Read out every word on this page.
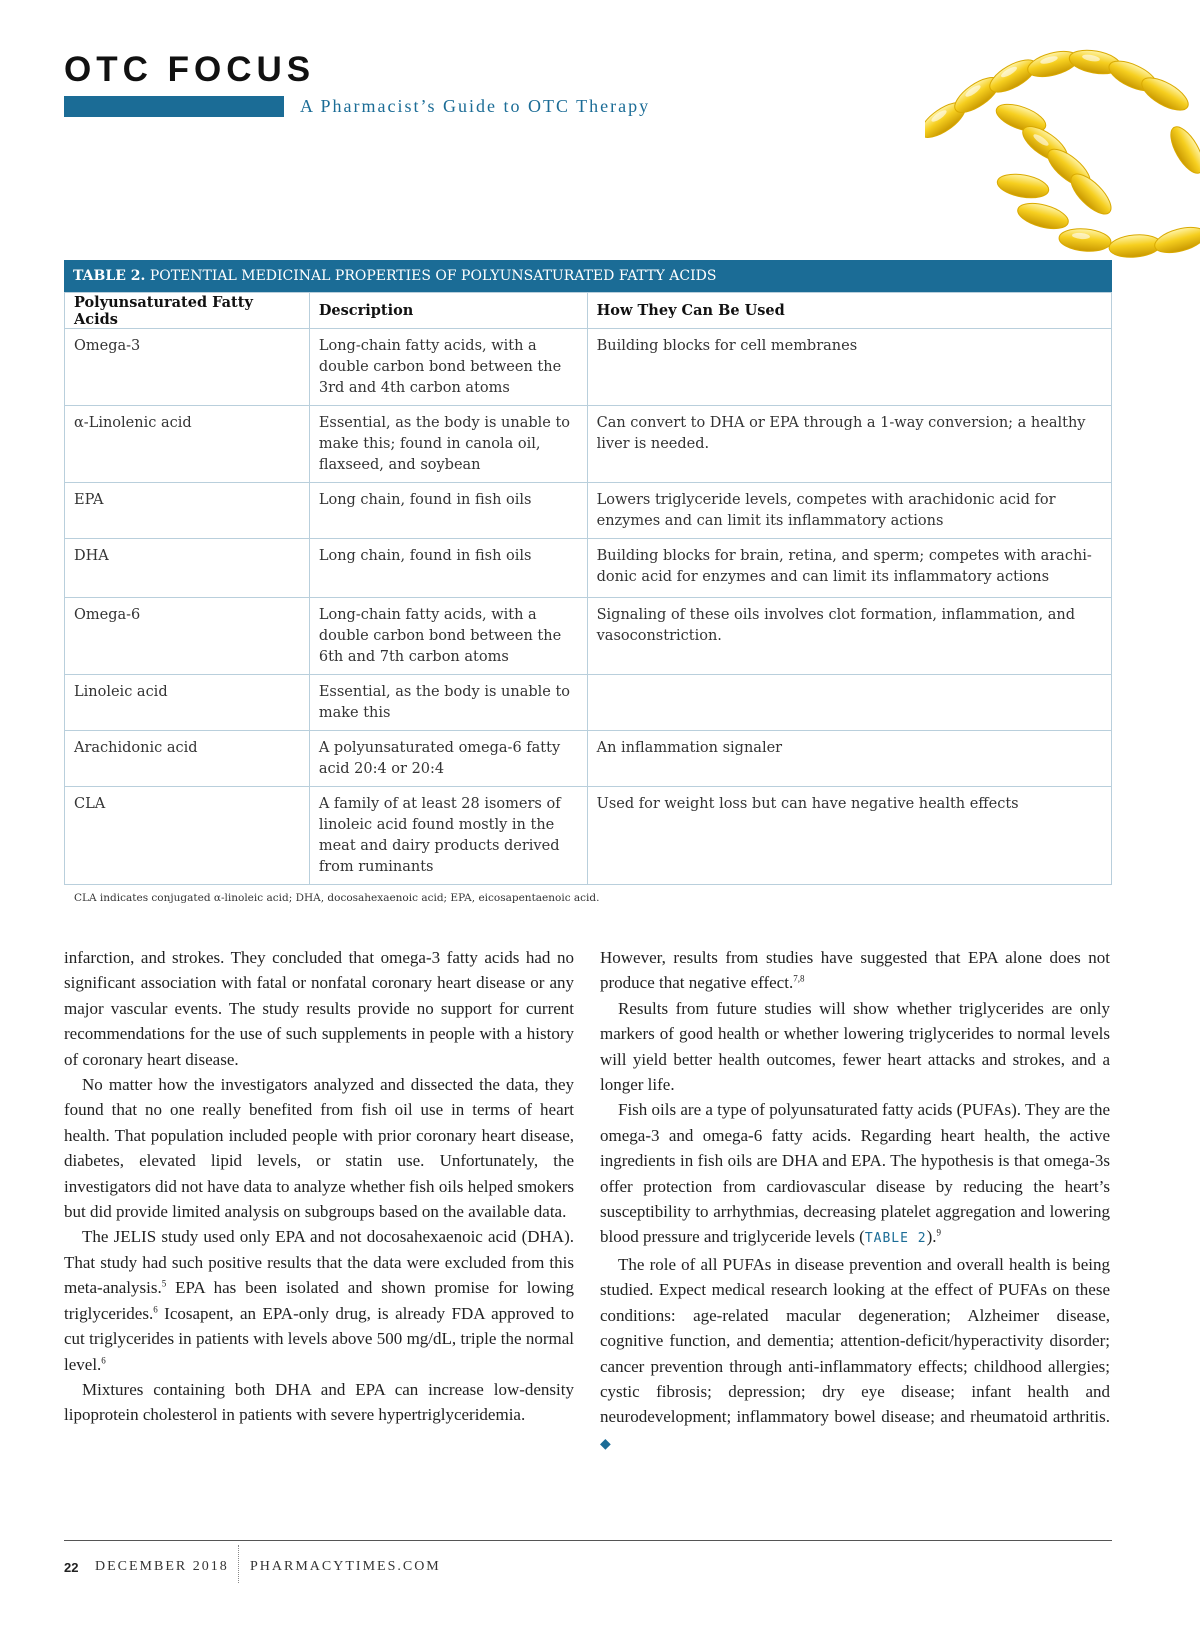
OTC FOCUS
A Pharmacist’s Guide to OTC Therapy
TABLE 2. POTENTIAL MEDICINAL PROPERTIES OF POLYUNSATURATED FATTY ACIDS
Polyunsaturated Fatty Acids	Description	How They Can Be Used
Omega-3	Long-chain fatty acids, with a double carbon bond between the 3rd and 4th carbon atoms	Building blocks for cell membranes
α-Linolenic acid	Essential, as the body is unable to make this; found in canola oil, flaxseed, and soybean	Can convert to DHA or EPA through a 1-way conversion; a healthy liver is needed.
EPA	Long chain, found in fish oils	Lowers triglyceride levels, competes with arachidonic acid for enzymes and can limit its inflammatory actions
DHA	Long chain, found in fish oils	Building blocks for brain, retina, and sperm; competes with arachi-donic acid for enzymes and can limit its inflammatory actions
Omega-6	Long-chain fatty acids, with a double carbon bond between the 6th and 7th carbon atoms	Signaling of these oils involves clot formation, inflammation, and vasoconstriction.
Linoleic acid	Essential, as the body is unable to make this	
Arachidonic acid	A polyunsaturated omega-6 fatty acid 20:4 or 20:4	An inflammation signaler
CLA	A family of at least 28 isomers of linoleic acid found mostly in the meat and dairy products derived from ruminants	Used for weight loss but can have negative health effects
CLA indicates conjugated α-linoleic acid; DHA, docosahexaenoic acid; EPA, eicosapentaenoic acid.

infarction, and strokes. They concluded that omega-3 fatty acids had no significant association with fatal or nonfatal coronary heart disease or any major vascular events. The study results provide no support for current recommendations for the use of such supplements in people with a history of coronary heart disease.

No matter how the investigators analyzed and dissected the data, they found that no one really benefited from fish oil use in terms of heart health. That population included people with prior coronary heart disease, diabetes, elevated lipid levels, or statin use. Unfortunately, the investigators did not have data to analyze whether fish oils helped smokers but did provide limited analysis on subgroups based on the available data.

The JELIS study used only EPA and not docosahexaenoic acid (DHA). That study had such positive results that the data were excluded from this meta-analysis.$^5$ EPA has been isolated and shown promise for lowing triglycerides.$^6$ Icosapent, an EPA-only drug, is already FDA approved to cut triglycerides in patients with levels above 500 mg/dL, triple the normal level.$^6$

Mixtures containing both DHA and EPA can increase low-density lipoprotein cholesterol in patients with severe hypertriglyceridemia.

However, results from studies have suggested that EPA alone does not produce that negative effect.$^{7,8}$

Results from future studies will show whether triglycerides are only markers of good health or whether lowering triglycerides to normal levels will yield better health outcomes, fewer heart attacks and strokes, and a longer life.

Fish oils are a type of polyunsaturated fatty acids (PUFAs). They are the omega-3 and omega-6 fatty acids. Regarding heart health, the active ingredients in fish oils are DHA and EPA. The hypothesis is that omega-3s offer protection from cardiovascular disease by reducing the heart’s susceptibility to arrhythmias, decreasing platelet aggregation and lowering blood pressure and triglyceride levels (TABLE 2).$^9$

The role of all PUFAs in disease prevention and overall health is being studied. Expect medical research looking at the effect of PUFAs on these conditions: age-related macular degeneration; Alzheimer disease, cognitive function, and dementia; attention-deficit/hyperactivity disorder; cancer prevention through anti-inflammatory effects; childhood allergies; cystic fibrosis; depression; dry eye disease; infant health and neurodevelopment; inflammatory bowel disease; and rheumatoid arthritis. ◆

22 DECEMBER 2018 PHARMACYTIMES.COM
